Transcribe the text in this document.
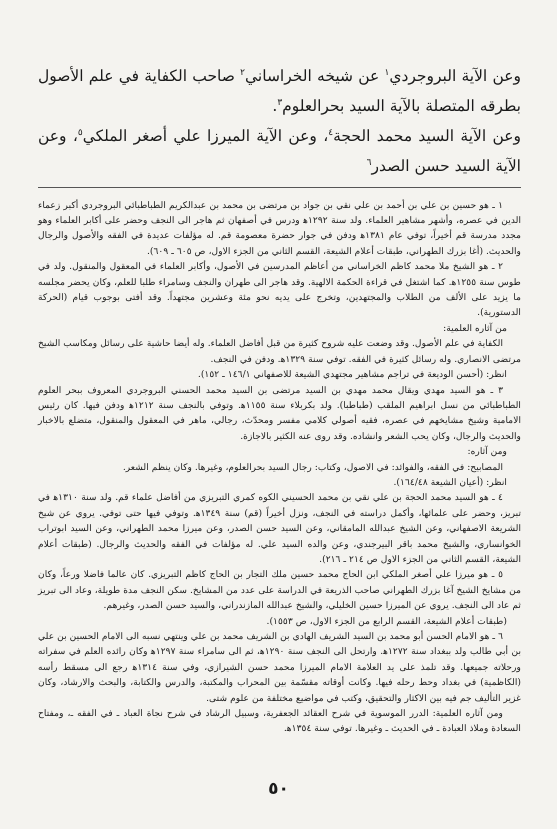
وعن الآية البروجردي$^١$ عن شيخه الخراساني$^٢$ صاحب الكفاية في علم الأصول بطرقه المتصلة بالآية السيد بحرالعلوم$^٣$.

وعن الآية السيد محمد الحجة$^٤$، وعن الآية الميرزا علي أصغر الملكي$^٥$، وعن الآية السيد حسن الصدر$^٦$

١ ـ هو حسين بن علي بن أحمد بن علي نقي بن جواد بن مرتضى بن محمد بن عبدالكريم الطباطبائي البروجردي أكبر زعماء الدين في عصره، وأشهر مشاهير العلماء. ولد سنة ١٢٩٢ﻫ ودرس في أصفهان ثم هاجر الى النجف وحضر على أكابر العلماء وهو مجدد مدرسة قم أخيراً، توفي عام ١٣٨١ﻫ ودفن في جوار حضرة معصومة قم. له مؤلفات عديدة في الفقه والأصول والرجال والحديث. (أغا بزرك الطهراني، طبقات أعلام الشيعة، القسم الثاني من الجزء الاول، ص ٦٠٥ ـ ٦٠٩).

٢ ـ هو الشيخ ملا محمد كاظم الخراساني من أعاظم المدرسين في الأصول، وأكابر العلماء في المعقول والمنقول. ولد في طوس سنة ١٢٥٥ﻫ. كما اشتغل في قراءة الحكمة الالهية. وقد هاجر الى طهران والنجف وسامراء طلبا للعلم، وكان يحضر مجلسه ما يزيد على الألف من الطلاب والمجتهدين، وتخرج على يديه نحو مئة وعشرين مجتهداً. وقد أفتى بوجوب قيام (الحركة الدستورية).

من آثاره العلمية:

الكفاية في علم الأصول. وقد وضعت عليه شروح كثيرة من قبل أفاضل العلماء. وله أيضا حاشية على رسائل ومكاسب الشيخ مرتضى الانصاري. وله رسائل كثيرة في الفقه. توفي سنة ١٣٢٩ﻫ. ودفن في النجف.

انظر: (أحسن الوديعة في تراجم مشاهير مجتهدي الشيعة للاصفهاني ١٤٦/١ ـ ١٥٢).

٣ ـ هو السيد مهدي ويقال محمد مهدي بن السيد مرتضى بن السيد محمد الحسني البروجردي المعروف ببحر العلوم الطباطبائي من نسل ابراهيم الملقب (طباطبا). ولد بكربلاء سنة ١١٥٥ﻫ. وتوفي بالنجف سنة ١٢١٢ﻫ ودفن فيها. كان رئيس الامامية وشيخ مشايخهم في عصره، فقيه أصولي كلامي مفسر ومحدّث، رجالي، ماهر في المعقول والمنقول، متضلع بالاخبار والحديث والرجال، وكان يحب الشعر وانشاده. وقد روى عنه الكثير بالاجازة.

ومن آثاره:

المصابيح: في الفقه، والفوائد: في الاصول، وكتاب: رجال السيد بحرالعلوم، وغيرها. وكان ينظم الشعر.

انظر: (أعيان الشيعة ١٦٤/٤٨).

٤ ـ هو السيد محمد الحجة بن علي نقي بن محمد الحسيني الكوه كمري التبريزي من أفاضل علماء قم. ولد سنة ١٣١٠ﻫ في تبريز، وحضر على علمائها، وأكمل دراسته في النجف، ونزل أخيراً (قم) سنة ١٣٤٩ﻫ. وتوفي فيها حتى توفي. يروي عن شيخ الشريعة الاصفهاني، وعن الشيخ عبدالله المامقاني، وعن السيد حسن الصدر، وعن ميرزا محمد الطهراني، وعن السيد ابوتراب الخوانساري، والشيخ محمد باقر البيرجندي، وعن والده السيد علي. له مؤلفات في الفقه والحديث والرجال. (طبقات أعلام الشيعة، القسم الثاني من الجزء الاول ص ٢١٤ ـ ٢١٦).

٥ ـ هو ميرزا علي أصغر الملكي ابن الحاج محمد حسين ملك التجار بن الحاج كاظم التبريزي. كان عالما فاضلا ورعاً، وكان من مشايخ الشيخ آغا بزرك الطهراني صاحب الذريعة في الدراسة على عدد من المشايخ. سكن النجف مدة طويلة، وعاد الى تبريز ثم عاد الى النجف. يروي عن الميرزا حسين الخليلي، والشيخ عبدالله المازندراني، والسيد حسن الصدر، وغيرهم.

(طبقات أعلام الشيعة، القسم الرابع من الجزء الاول، ص ١٥٥٣).

٦ ـ هو الامام الحسن أبو محمد بن السيد الشريف الهادي بن الشريف محمد بن علي وينتهي نسبه الى الامام الحسين بن علي بن أبي طالب ولد ببغداد سنة ١٢٧٢ﻫ. وارتحل الى النجف سنة ١٢٩٠ﻫ، ثم الى سامراء سنة ١٢٩٧ﻫ وكان رائده العلم في سفراته ورحلاته جميعها. وقد تلمذ على يد العلامة الامام الميرزا محمد حسن الشيرازي، وفي سنة ١٣١٤ﻫ رجع الى مسقط رأسه (الكاظمية) في بغداد وحط رحله فيها. وكانت أوقاته مقسّمة بين المحراب والمكتبة، والدرس والكتابة، والبحث والارشاد، وكان غزير التأليف جم فيه بين الاكثار والتحقيق، وكتب في مواضيع مختلفة من علوم شتى.

ومن آثاره العلمية: الدرر الموسوية في شرح العقائد الجعفرية، وسبيل الرشاد في شرح نجاة العباد ـ في الفقه ـ، ومفتاح السعادة وملاذ العبادة ـ في الحديث ـ وغيرها. توفي سنة ١٣٥٤ﻫ.

٥٠
